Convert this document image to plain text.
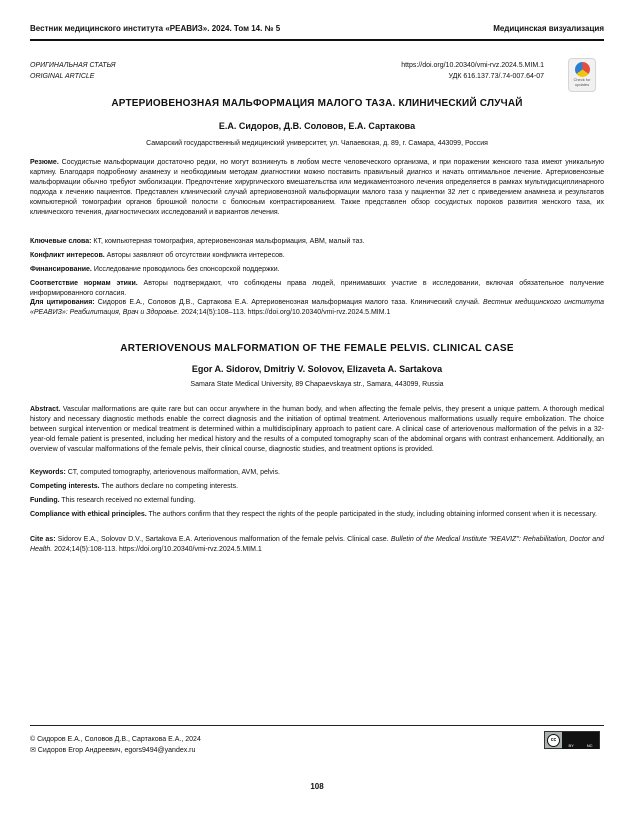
Вестник медицинского института «РЕАВИЗ». 2024. Том 14. № 5	Медицинская визуализация
ОРИГИНАЛЬНАЯ СТАТЬЯ
ORIGINAL ARTICLE
https://doi.org/10.20340/vmi-rvz.2024.5.MIM.1
УДК 616.137.73/.74-007.64-07	Check for
updates
АРТЕРИОВЕНОЗНАЯ МАЛЬФОРМАЦИЯ МАЛОГО ТАЗА. КЛИНИЧЕСКИЙ СЛУЧАЙ
Е.А. Сидоров, Д.В. Соловов, Е.А. Сартакова
Самарский государственный медицинский университет, ул. Чапаевская, д. 89, г. Самара, 443099, Россия
Резюме. Сосудистые мальформации достаточно редки, но могут возникнуть в любом месте человеческого организма, и при поражении женского таза имеют уникальную картину. Благодаря подробному анамнезу и необходимым методам диагностики можно поставить правильный диагноз и начать оптимальное лечение. Артериовенозные мальформации обычно требуют эмболизации. Предпочтение хирургического вмешательства или медикаментозного лечения определяется в рамках мультидисциплинарного подхода к лечению пациентов. Представлен клинический случай артериовенозной мальформации малого таза у пациентки 32 лет с приведением анамнеза и результатов компьютерной томографии органов брюшной полости с болюсным контрастированием. Также представлен обзор сосудистых пороков развития женского таза, их клинического течения, диагностических исследований и вариантов лечения.
Ключевые слова: КТ, компьютерная томография, артериовенозная мальформация, АВМ, малый таз.
Конфликт интересов. Авторы заявляют об отсутствии конфликта интересов.
Финансирование. Исследование проводилось без спонсорской поддержки.
Соответствие нормам этики. Авторы подтверждают, что соблюдены права людей, принимавших участие в исследовании, включая обязательное получение информированного согласия.
Для цитирования: Сидоров Е.А., Соловов Д.В., Сартакова Е.А. Артериовенозная мальформация малого таза. Клинический случай. Вестник медицинского института «РЕАВИЗ»: Реабилитация, Врач и Здоровье. 2024;14(5):108–113. https://doi.org/10.20340/vmi-rvz.2024.5.MIM.1
ARTERIOVENOUS MALFORMATION OF THE FEMALE PELVIS. CLINICAL CASE
Egor A. Sidorov, Dmitriy V. Solovov, Elizaveta A. Sartakova
Samara State Medical University, 89 Chapaevskaya str., Samara, 443099, Russia
Abstract. Vascular malformations are quite rare but can occur anywhere in the human body, and when affecting the female pelvis, they present a unique pattern. A thorough medical history and necessary diagnostic methods enable the correct diagnosis and the initiation of optimal treatment. Arteriovenous malformations usually require embolization. The choice between surgical intervention or medical treatment is determined within a multidisciplinary approach to patient care. A clinical case of arteriovenous malformation of the pelvis in a 32-year-old female patient is presented, including her medical history and the results of a computed tomography scan of the abdominal organs with contrast enhancement. Additionally, an overview of vascular malformations of the female pelvis, their clinical course, diagnostic studies, and treatment options is provided.
Keywords: CT, computed tomography, arteriovenous malformation, AVM, pelvis.
Competing interests. The authors declare no competing interests.
Funding. This research received no external funding.
Compliance with ethical principles. The authors confirm that they respect the rights of the people participated in the study, including obtaining informed consent when it is necessary.
Cite as: Sidorov E.A., Solovov D.V., Sartakova E.A. Arteriovenous malformation of the female pelvis. Clinical case. Bulletin of the Medical Institute "REAVIZ": Rehabilitation, Doctor and Health. 2024;14(5):108-113. https://doi.org/10.20340/vmi-rvz.2024.5.MIM.1
© Сидоров Е.А., Соловов Д.В., Сартакова Е.А., 2024
✉ Сидоров Егор Андреевич, egors9494@yandex.ru
cc
BY	NC
108
